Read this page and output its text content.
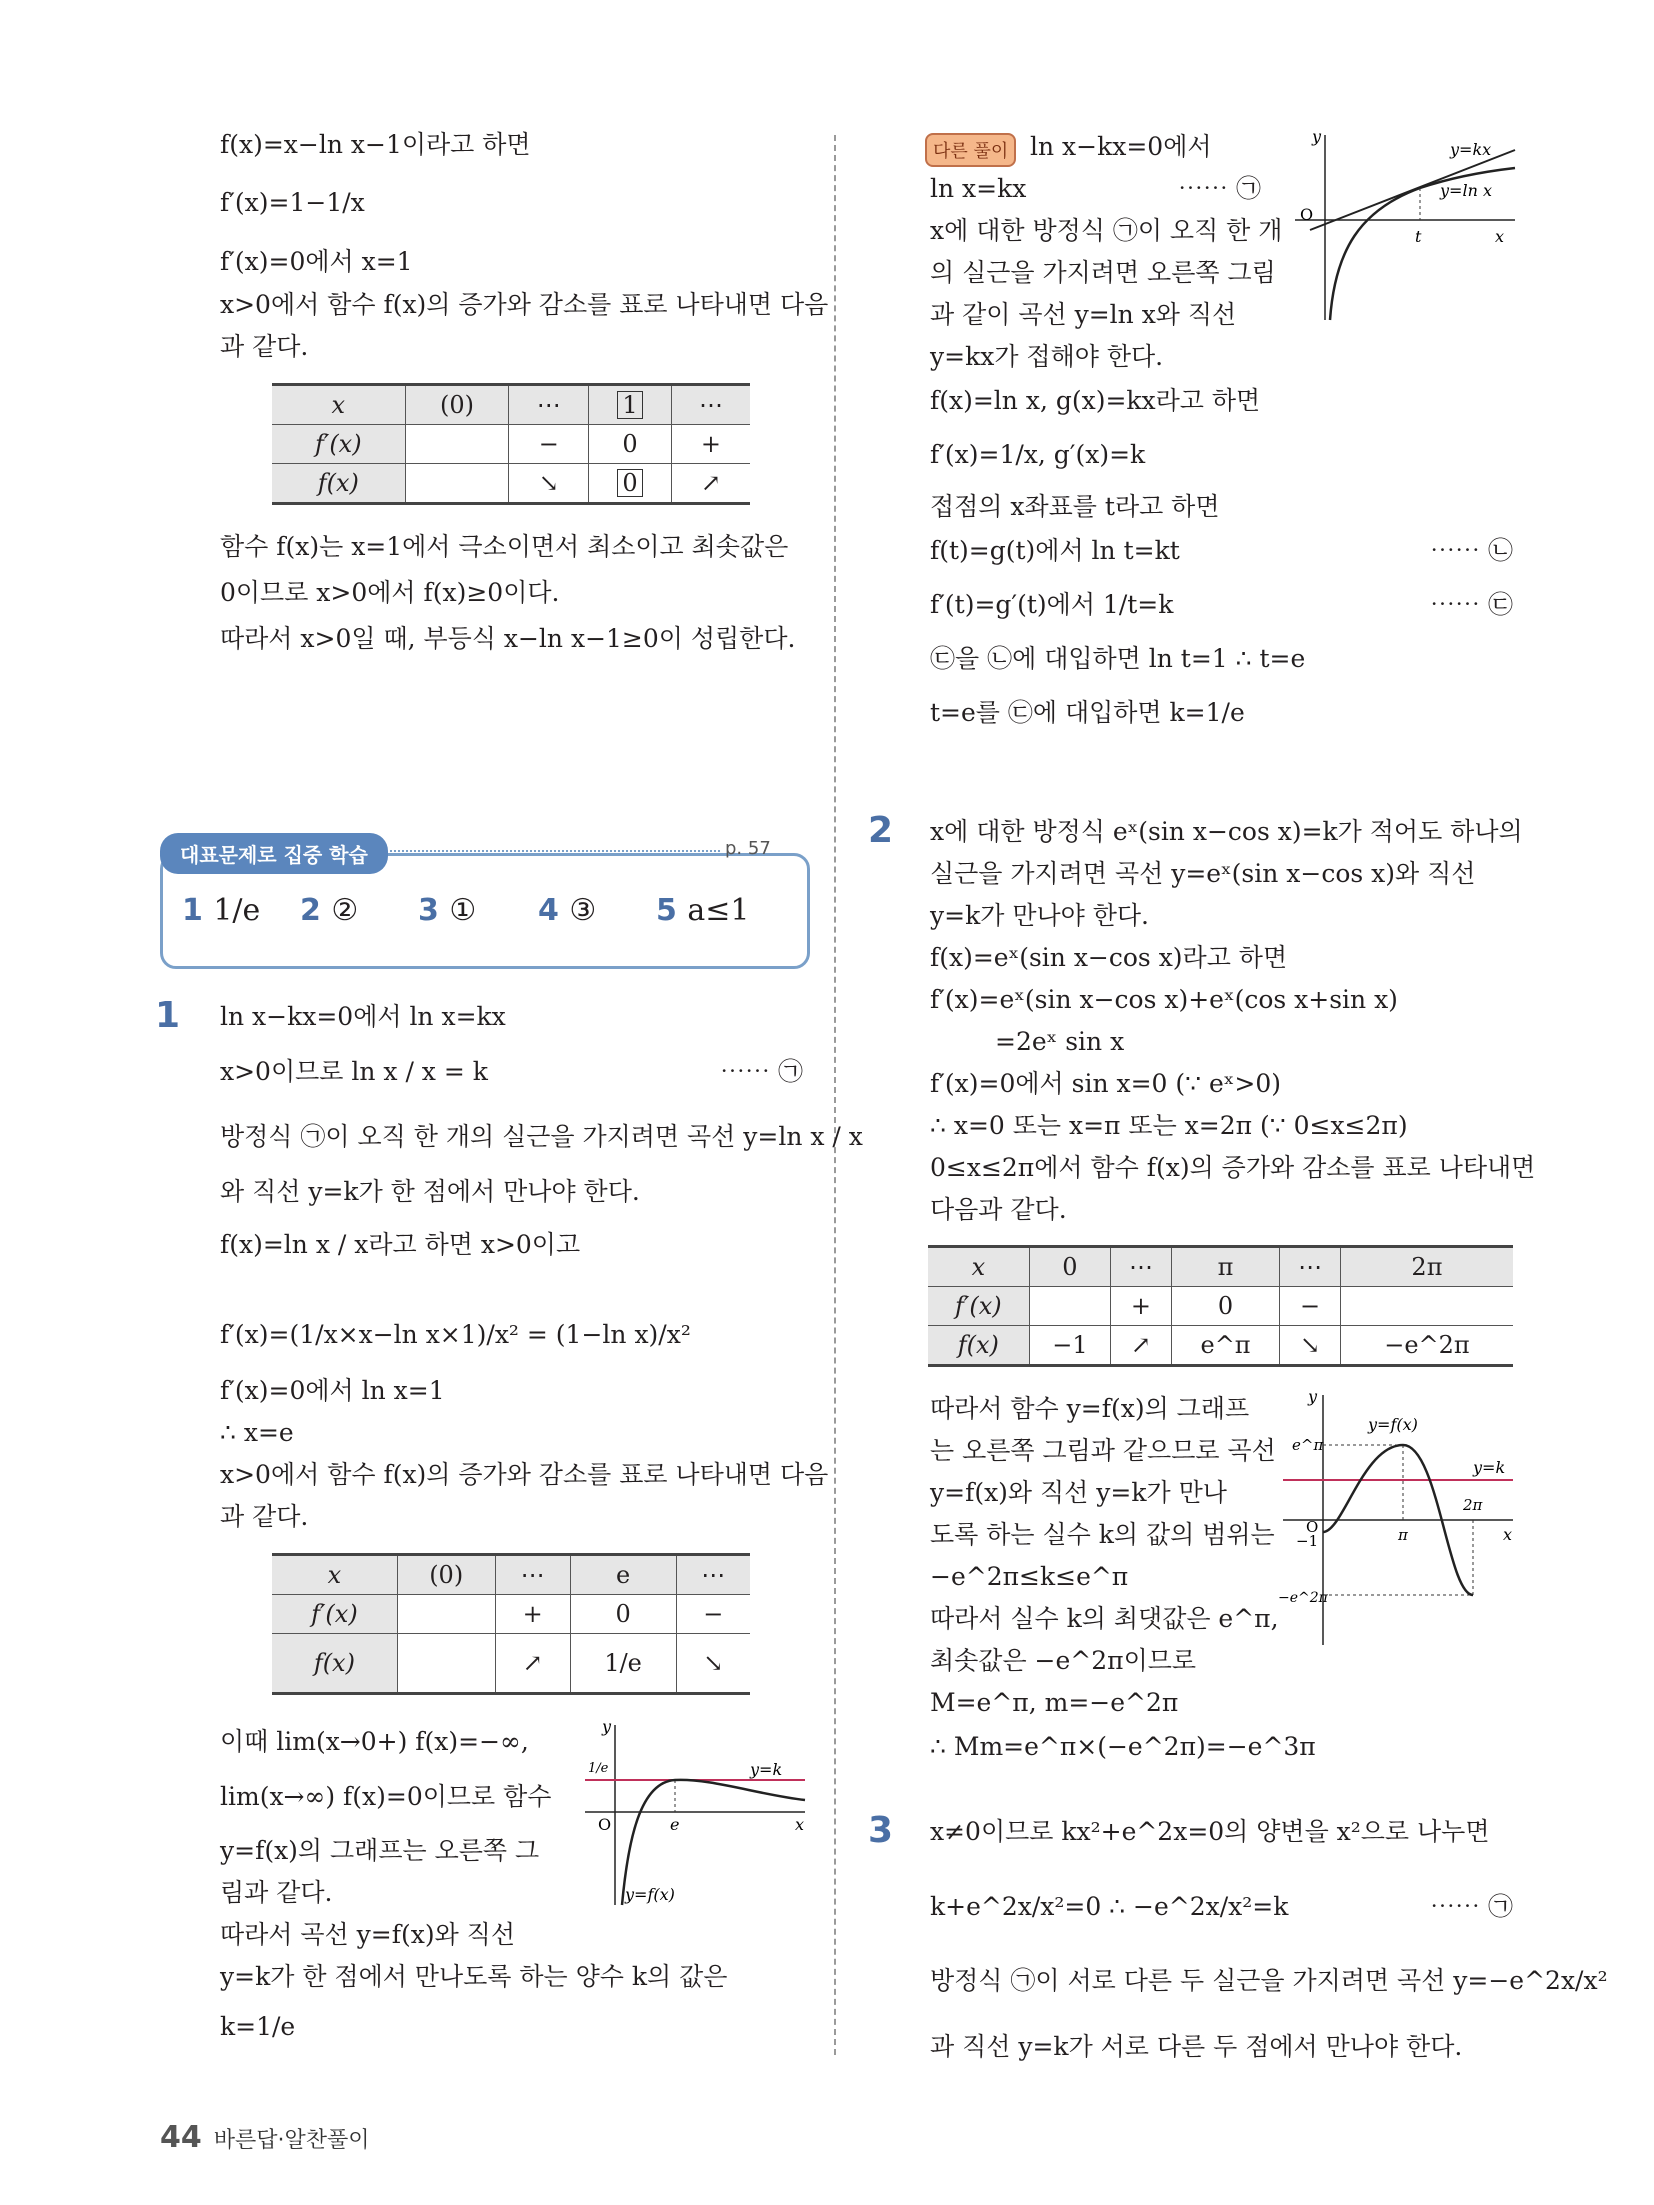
f(x)=x−ln x−1이라고 하면
f′(x)=1−1/x
f′(x)=0에서 x=1
x>0에서 함수 f(x)의 증가와 감소를 표로 나타내면 다음
과 같다.
x	(0)	⋯	1	⋯
f′(x)		−	0	+
f(x)		↘	0	↗
함수 f(x)는 x=1에서 극소이면서 최소이고 최솟값은
0이므로 x>0에서 f(x)≥0이다.
따라서 x>0일 때, 부등식 x−ln x−1≥0이 성립한다.
대표문제로 집중 학습	p. 57
1 1/e 2 ② 3 ① 4 ③ 5 a≤1
1 ln x−kx=0에서 ln x=kx
x>0이므로 ln x / x = k	⋯⋯ ㉠
방정식 ㉠이 오직 한 개의 실근을 가지려면 곡선 y=ln x / x
와 직선 y=k가 한 점에서 만나야 한다.
f(x)=ln x / x라고 하면 x>0이고
f′(x)=(1/x×x−ln x×1)/x² = (1−ln x)/x²
f′(x)=0에서 ln x=1
∴ x=e
x>0에서 함수 f(x)의 증가와 감소를 표로 나타내면 다음
과 같다.
x	(0)	⋯	e	⋯
f′(x)		+	0	−
f(x)		↗	1/e	↘
이때 lim(x→0+) f(x)=−∞,
lim(x→∞) f(x)=0이므로 함수
y=f(x)의 그래프는 오른쪽 그
림과 같다.
따라서 곡선 y=f(x)와 직선
y=k가 한 점에서 만나도록 하는 양수 k의 값은
k=1/e
y
x
O	e
y=k
y=f(x)
1/e
다른 풀이 ln x−kx=0에서
ln x=kx	⋯⋯ ㉠
x에 대한 방정식 ㉠이 오직 한 개
의 실근을 가지려면 오른쪽 그림
과 같이 곡선 y=ln x와 직선
y=kx가 접해야 한다.
f(x)=ln x, g(x)=kx라고 하면
f′(x)=1/x, g′(x)=k
접점의 x좌표를 t라고 하면
f(t)=g(t)에서 ln t=kt	⋯⋯ ㉡
f′(t)=g′(t)에서 1/t=k	⋯⋯ ㉢
㉢을 ㉡에 대입하면 ln t=1 ∴ t=e
t=e를 ㉢에 대입하면 k=1/e
y
x
O
t
y=kx
y=ln x
2 x에 대한 방정식 eˣ(sin x−cos x)=k가 적어도 하나의
실근을 가지려면 곡선 y=eˣ(sin x−cos x)와 직선
y=k가 만나야 한다.
f(x)=eˣ(sin x−cos x)라고 하면
f′(x)=eˣ(sin x−cos x)+eˣ(cos x+sin x)
=2eˣ sin x
f′(x)=0에서 sin x=0 (∵ eˣ>0)
∴ x=0 또는 x=π 또는 x=2π (∵ 0≤x≤2π)
0≤x≤2π에서 함수 f(x)의 증가와 감소를 표로 나타내면
다음과 같다.
x	0	⋯	π	⋯	2π
f′(x)		+	0	−	
f(x)	−1	↗	e^π	↘	−e^2π
따라서 함수 y=f(x)의 그래프
는 오른쪽 그림과 같으므로 곡선
y=f(x)와 직선 y=k가 만나
도록 하는 실수 k의 값의 범위는
−e^2π≤k≤e^π
따라서 실수 k의 최댓값은 e^π,
최솟값은 −e^2π이므로
M=e^π, m=−e^2π
∴ Mm=e^π×(−e^2π)=−e^3π
y
x
O
y=f(x)
y=k
e^π
−1	π
2π
−e^2π
3 x≠0이므로 kx²+e^2x=0의 양변을 x²으로 나누면
k+e^2x/x²=0 ∴ −e^2x/x²=k	⋯⋯ ㉠
방정식 ㉠이 서로 다른 두 실근을 가지려면 곡선 y=−e^2x/x²
과 직선 y=k가 서로 다른 두 점에서 만나야 한다.
44 바른답·알찬풀이
